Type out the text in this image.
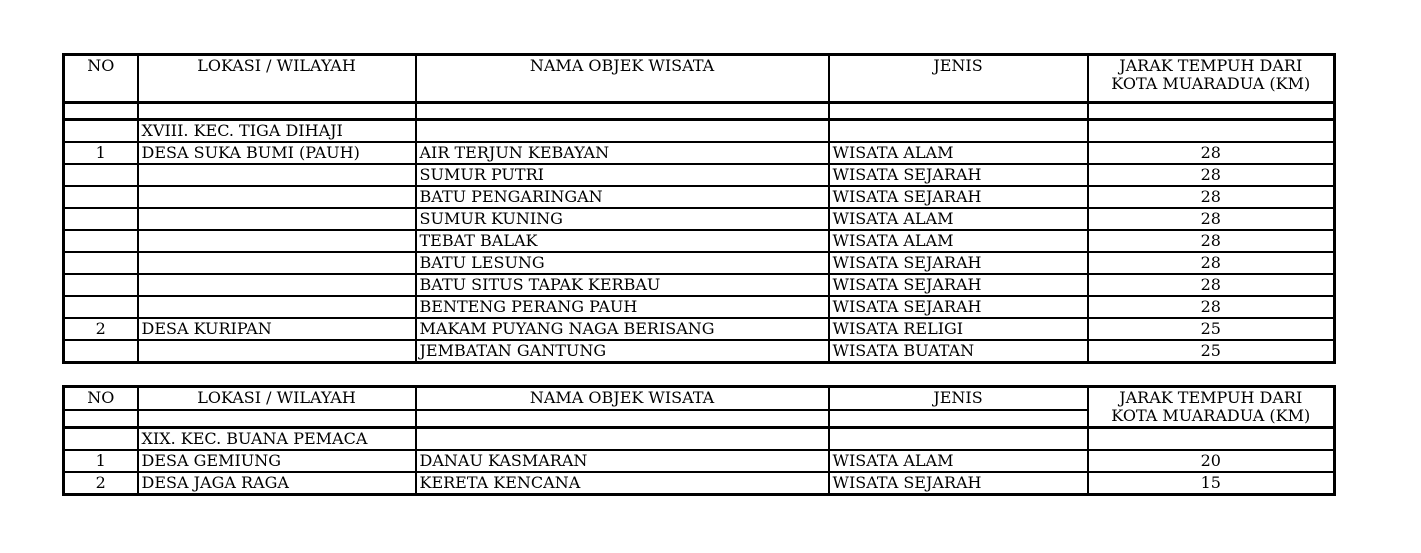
NO	LOKASI / WILAYAH	NAMA OBJEK WISATA	JENIS	JARAK TEMPUH DARI
KOTA MUARADUA (KM)

	XVIII. KEC. TIGA DIHAJI			
1	DESA SUKA BUMI (PAUH)	AIR TERJUN KEBAYAN	WISATA ALAM	28
		SUMUR PUTRI	WISATA SEJARAH	28
		BATU PENGARINGAN	WISATA SEJARAH	28
		SUMUR KUNING	WISATA ALAM	28
		TEBAT BALAK	WISATA ALAM	28
		BATU LESUNG	WISATA SEJARAH	28
		BATU SITUS TAPAK KERBAU	WISATA SEJARAH	28
		BENTENG PERANG PAUH	WISATA SEJARAH	28
2	DESA KURIPAN	MAKAM PUYANG NAGA BERISANG	WISATA RELIGI	25
		JEMBATAN GANTUNG	WISATA BUATAN	25
NO	LOKASI / WILAYAH	NAMA OBJEK WISATA	JENIS	JARAK TEMPUH DARI
KOTA MUARADUA (KM)

	XIX. KEC. BUANA PEMACA			
1	DESA GEMIUNG	DANAU KASMARAN	WISATA ALAM	20
2	DESA JAGA RAGA	KERETA KENCANA	WISATA SEJARAH	15
